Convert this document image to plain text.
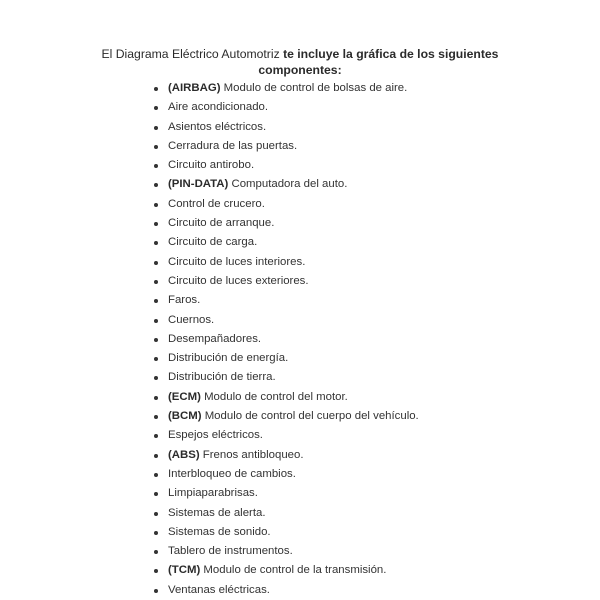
El Diagrama Eléctrico Automotriz te incluye la gráfica de los siguientes componentes:
(AIRBAG) Modulo de control de bolsas de aire.
Aire acondicionado.
Asientos eléctricos.
Cerradura de las puertas.
Circuito antirobo.
(PIN-DATA) Computadora del auto.
Control de crucero.
Circuito de arranque.
Circuito de carga.
Circuito de luces interiores.
Circuito de luces exteriores.
Faros.
Cuernos.
Desempañadores.
Distribución de energía.
Distribución de tierra.
(ECM) Modulo de control del motor.
(BCM) Modulo de control del cuerpo del vehículo.
Espejos eléctricos.
(ABS) Frenos antibloqueo.
Interbloqueo de cambios.
Limpiaparabrisas.
Sistemas de alerta.
Sistemas de sonido.
Tablero de instrumentos.
(TCM) Modulo de control de la transmisión.
Ventanas eléctricas.
